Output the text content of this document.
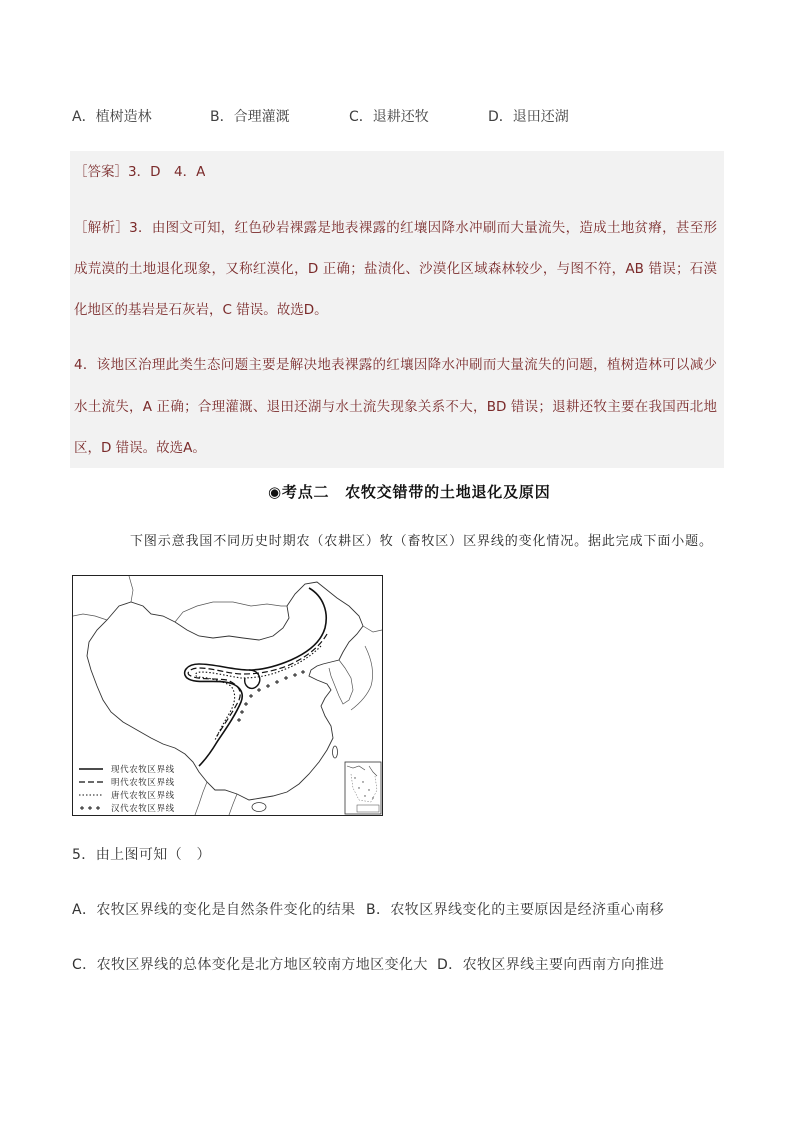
A．植树造林	B．合理灌溉	C．退耕还牧	D．退田还湖
［答案］3．D　4．A
［解析］3．由图文可知，红色砂岩裸露是地表裸露的红壤因降水冲刷而大量流失，造成土地贫瘠，甚至形
成荒漠的土地退化现象，又称红漠化，D 正确；盐渍化、沙漠化区域森林较少，与图不符，AB 错误；石漠
化地区的基岩是石灰岩，C 错误。故选D。
4．该地区治理此类生态问题主要是解决地表裸露的红壤因降水冲刷而大量流失的问题，植树造林可以减少
水土流失，A 正确；合理灌溉、退田还湖与水土流失现象关系不大，BD 错误；退耕还牧主要在我国西北地
区，D 错误。故选A。
◉考点二　农牧交错带的土地退化及原因
下图示意我国不同历史时期农（农耕区）牧（畜牧区）区界线的变化情况。据此完成下面小题。
现代农牧区界线
明代农牧区界线
唐代农牧区界线
汉代农牧区界线
5．由上图可知（　）
A．农牧区界线的变化是自然条件变化的结果 B．农牧区界线变化的主要原因是经济重心南移
C．农牧区界线的总体变化是北方地区较南方地区变化大 D．农牧区界线主要向西南方向推进
